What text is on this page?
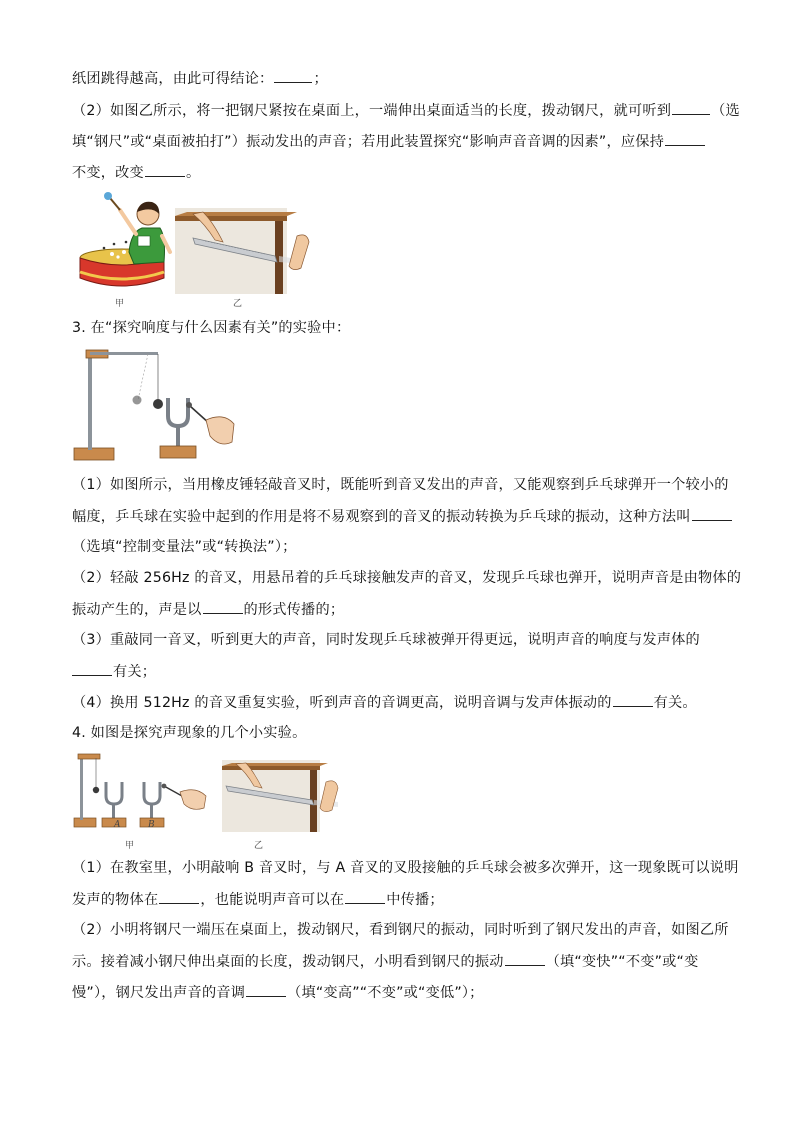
纸团跳得越高，由此可得结论：	；
（2）如图乙所示，将一把钢尺紧按在桌面上，一端伸出桌面适当的长度，拨动钢尺，就可听到	（选
填“钢尺”或“桌面被拍打”）振动发出的声音；若用此装置探究“影响声音音调的因素”，应保持
不变，改变	。
甲	乙
3. 在“探究响度与什么因素有关”的实验中：
（1）如图所示，当用橡皮锤轻敲音叉时，既能听到音叉发出的声音，又能观察到乒乓球弹开一个较小的
幅度，乒乓球在实验中起到的作用是将不易观察到的音叉的振动转换为乒乓球的振动，这种方法叫
（选填“控制变量法”或“转换法”）；
（2）轻敲 256Hz 的音叉，用悬吊着的乒乓球接触发声的音叉，发现乒乓球也弹开，说明声音是由物体的
振动产生的，声是以	的形式传播的；
（3）重敲同一音叉，听到更大的声音，同时发现乒乓球被弹开得更远，说明声音的响度与发声体的
有关；
（4）换用 512Hz 的音叉重复实验，听到声音的音调更高，说明音调与发声体振动的	有关。
4. 如图是探究声现象的几个小实验。
A	B
甲	乙
（1）在教室里，小明敲响 B 音叉时，与 A 音叉的叉股接触的乒乓球会被多次弹开，这一现象既可以说明
发声的物体在	，也能说明声音可以在	中传播；
（2）小明将钢尺一端压在桌面上，拨动钢尺，看到钢尺的振动，同时听到了钢尺发出的声音，如图乙所
示。接着减小钢尺伸出桌面的长度，拨动钢尺，小明看到钢尺的振动	（填“变快”“不变”或“变
慢”），钢尺发出声音的音调	（填“变高”“不变”或“变低”）；
